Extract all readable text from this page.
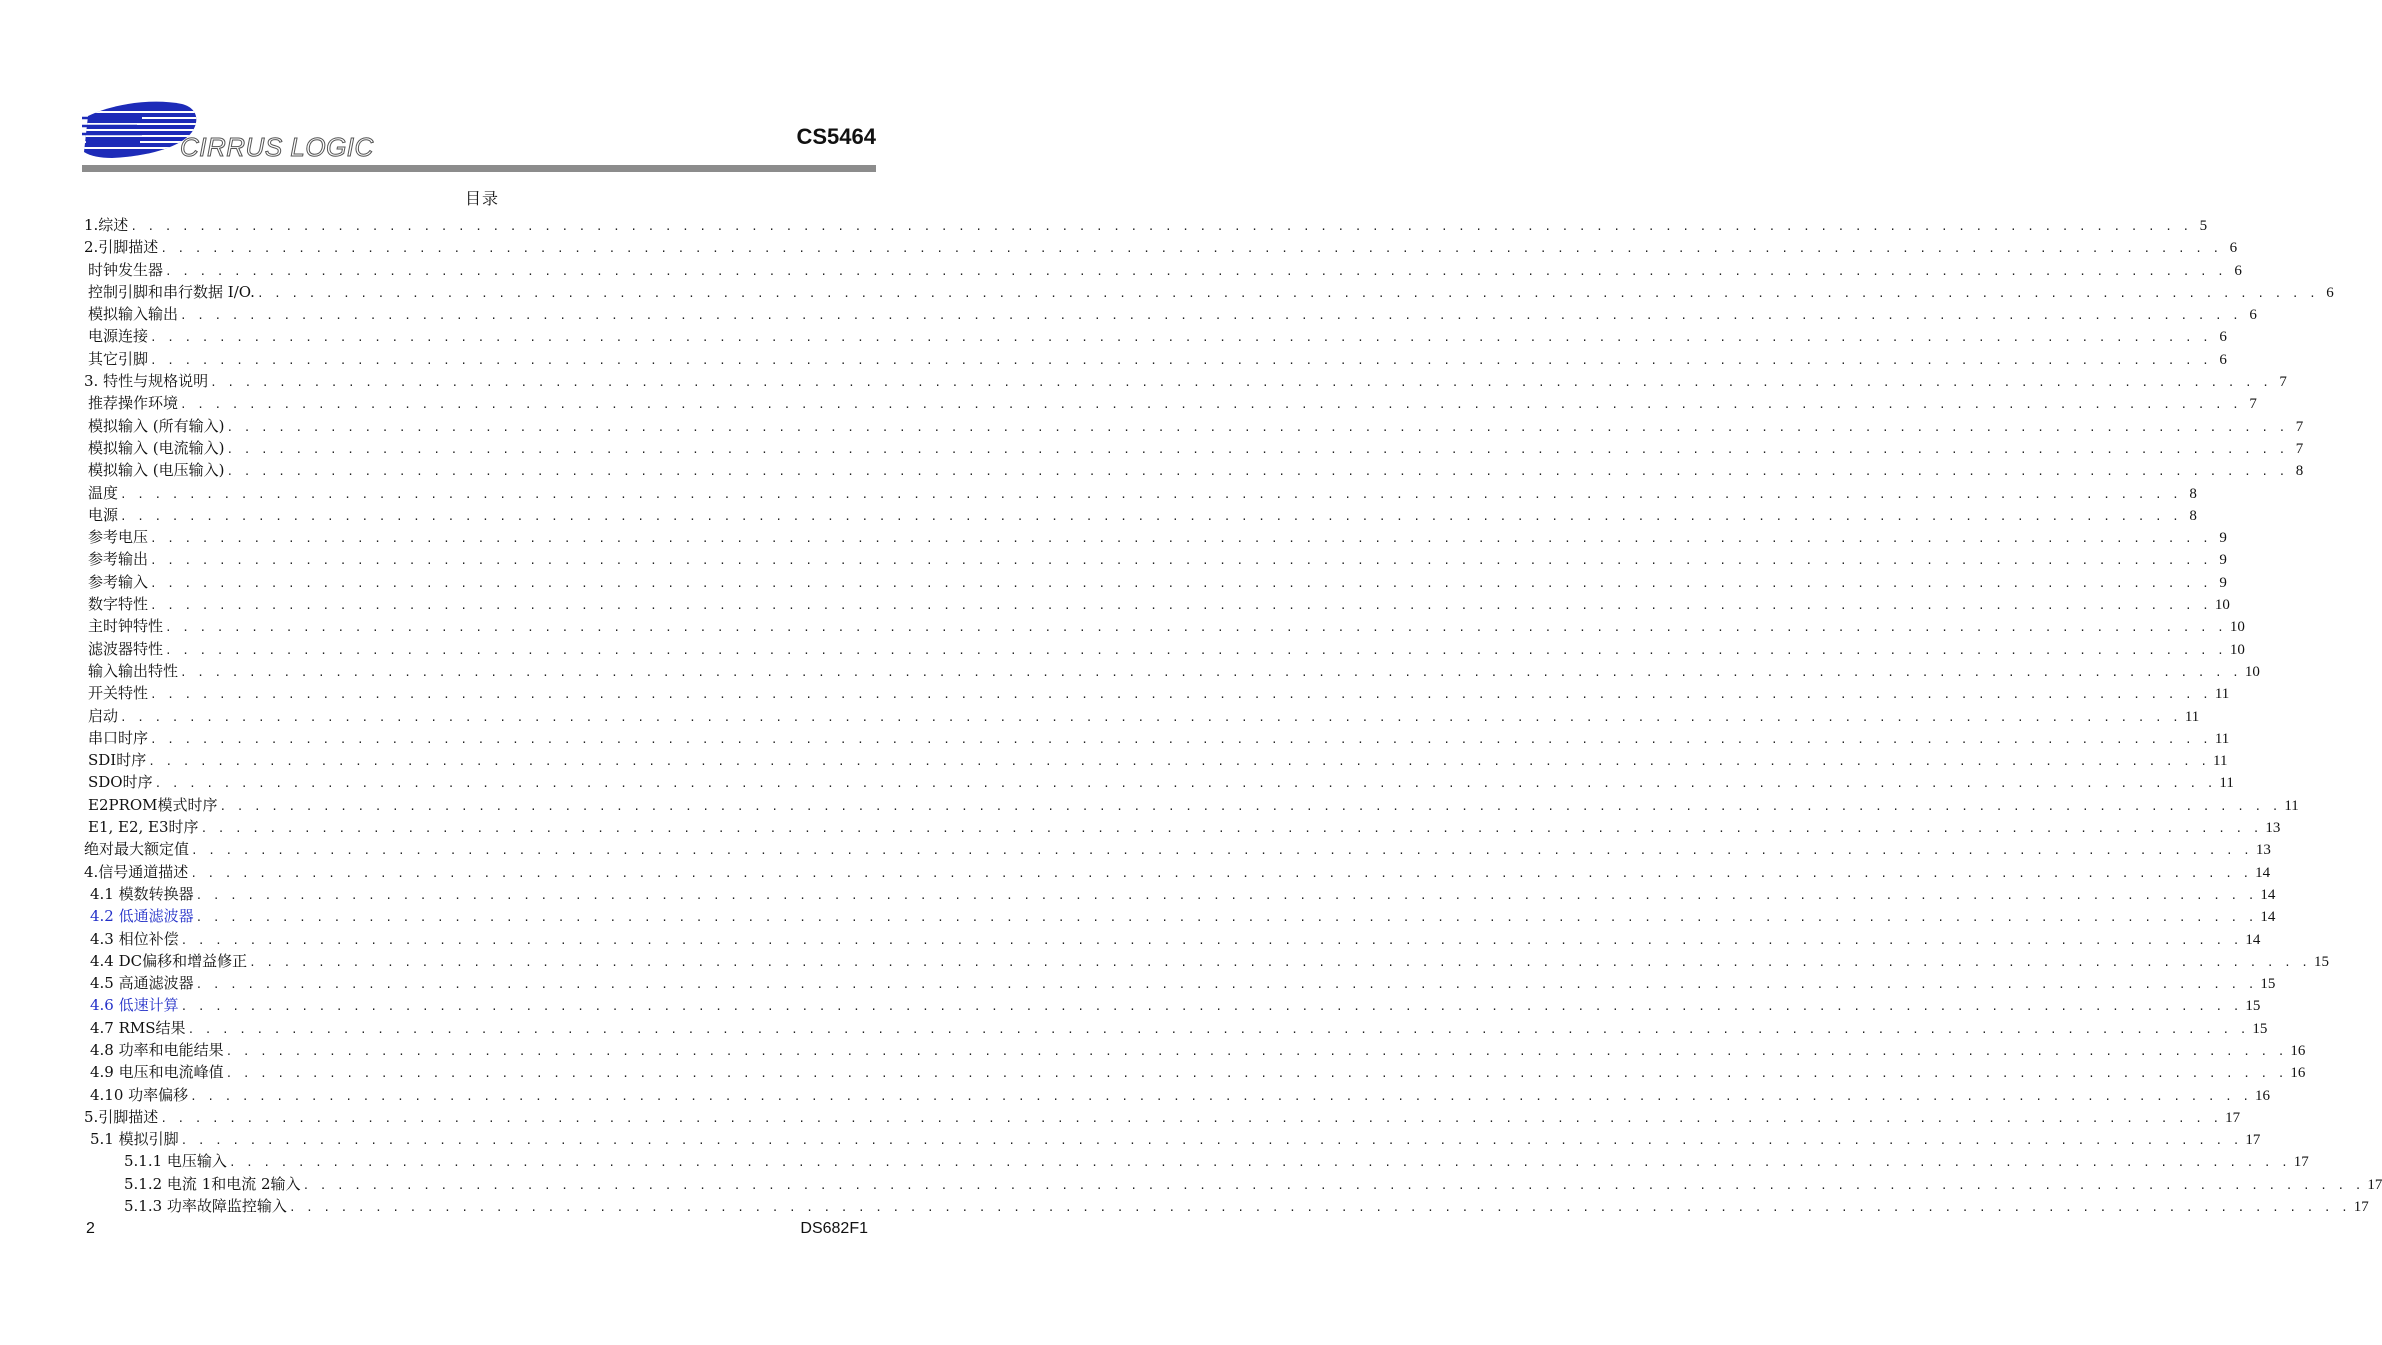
CIRRUS LOGIC	CS5464
目录
1.综述 . . . . . . . . . . . . . . . . . . . . . . . . . . . . . . . . . . . . . . . . . . . . . . . . . . . . . . . . . . . . . . . . . . . . . . . . . . . . . . . . . . . . . . . . . . . . . . . . . . . . . . . . . . . . . . . . . . . . . . . . 5
2.引脚描述 . . . . . . . . . . . . . . . . . . . . . . . . . . . . . . . . . . . . . . . . . . . . . . . . . . . . . . . . . . . . . . . . . . . . . . . . . . . . . . . . . . . . . . . . . . . . . . . . . . . . . . . . . . . . . . . . . . . . . . . . 6
时钟发生器 . . . . . . . . . . . . . . . . . . . . . . . . . . . . . . . . . . . . . . . . . . . . . . . . . . . . . . . . . . . . . . . . . . . . . . . . . . . . . . . . . . . . . . . . . . . . . . . . . . . . . . . . . . . . . . . . . . . . . . . . 6
控制引脚和串行数据 I/O. . . . . . . . . . . . . . . . . . . . . . . . . . . . . . . . . . . . . . . . . . . . . . . . . . . . . . . . . . . . . . . . . . . . . . . . . . . . . . . . . . . . . . . . . . . . . . . . . . . . . . . . . . . . . . . . . . . . . . . . . 6
模拟输入输出 . . . . . . . . . . . . . . . . . . . . . . . . . . . . . . . . . . . . . . . . . . . . . . . . . . . . . . . . . . . . . . . . . . . . . . . . . . . . . . . . . . . . . . . . . . . . . . . . . . . . . . . . . . . . . . . . . . . . . . . . 6
电源连接 . . . . . . . . . . . . . . . . . . . . . . . . . . . . . . . . . . . . . . . . . . . . . . . . . . . . . . . . . . . . . . . . . . . . . . . . . . . . . . . . . . . . . . . . . . . . . . . . . . . . . . . . . . . . . . . . . . . . . . . . 6
其它引脚 . . . . . . . . . . . . . . . . . . . . . . . . . . . . . . . . . . . . . . . . . . . . . . . . . . . . . . . . . . . . . . . . . . . . . . . . . . . . . . . . . . . . . . . . . . . . . . . . . . . . . . . . . . . . . . . . . . . . . . . . 6
3. 特性与规格说明 . . . . . . . . . . . . . . . . . . . . . . . . . . . . . . . . . . . . . . . . . . . . . . . . . . . . . . . . . . . . . . . . . . . . . . . . . . . . . . . . . . . . . . . . . . . . . . . . . . . . . . . . . . . . . . . . . . . . . . . . 7
推荐操作环境 . . . . . . . . . . . . . . . . . . . . . . . . . . . . . . . . . . . . . . . . . . . . . . . . . . . . . . . . . . . . . . . . . . . . . . . . . . . . . . . . . . . . . . . . . . . . . . . . . . . . . . . . . . . . . . . . . . . . . . . . 7
模拟输入 (所有输入) . . . . . . . . . . . . . . . . . . . . . . . . . . . . . . . . . . . . . . . . . . . . . . . . . . . . . . . . . . . . . . . . . . . . . . . . . . . . . . . . . . . . . . . . . . . . . . . . . . . . . . . . . . . . . . . . . . . . . . . . 7
模拟输入 (电流输入) . . . . . . . . . . . . . . . . . . . . . . . . . . . . . . . . . . . . . . . . . . . . . . . . . . . . . . . . . . . . . . . . . . . . . . . . . . . . . . . . . . . . . . . . . . . . . . . . . . . . . . . . . . . . . . . . . . . . . . . . 7
模拟输入 (电压输入) . . . . . . . . . . . . . . . . . . . . . . . . . . . . . . . . . . . . . . . . . . . . . . . . . . . . . . . . . . . . . . . . . . . . . . . . . . . . . . . . . . . . . . . . . . . . . . . . . . . . . . . . . . . . . . . . . . . . . . . . 8
温度 . . . . . . . . . . . . . . . . . . . . . . . . . . . . . . . . . . . . . . . . . . . . . . . . . . . . . . . . . . . . . . . . . . . . . . . . . . . . . . . . . . . . . . . . . . . . . . . . . . . . . . . . . . . . . . . . . . . . . . . . 8
电源 . . . . . . . . . . . . . . . . . . . . . . . . . . . . . . . . . . . . . . . . . . . . . . . . . . . . . . . . . . . . . . . . . . . . . . . . . . . . . . . . . . . . . . . . . . . . . . . . . . . . . . . . . . . . . . . . . . . . . . . . 8
参考电压 . . . . . . . . . . . . . . . . . . . . . . . . . . . . . . . . . . . . . . . . . . . . . . . . . . . . . . . . . . . . . . . . . . . . . . . . . . . . . . . . . . . . . . . . . . . . . . . . . . . . . . . . . . . . . . . . . . . . . . . . 9
参考输出 . . . . . . . . . . . . . . . . . . . . . . . . . . . . . . . . . . . . . . . . . . . . . . . . . . . . . . . . . . . . . . . . . . . . . . . . . . . . . . . . . . . . . . . . . . . . . . . . . . . . . . . . . . . . . . . . . . . . . . . . 9
参考输入 . . . . . . . . . . . . . . . . . . . . . . . . . . . . . . . . . . . . . . . . . . . . . . . . . . . . . . . . . . . . . . . . . . . . . . . . . . . . . . . . . . . . . . . . . . . . . . . . . . . . . . . . . . . . . . . . . . . . . . . . 9
数字特性 . . . . . . . . . . . . . . . . . . . . . . . . . . . . . . . . . . . . . . . . . . . . . . . . . . . . . . . . . . . . . . . . . . . . . . . . . . . . . . . . . . . . . . . . . . . . . . . . . . . . . . . . . . . . . . . . . . . . . . . . 10
主时钟特性 . . . . . . . . . . . . . . . . . . . . . . . . . . . . . . . . . . . . . . . . . . . . . . . . . . . . . . . . . . . . . . . . . . . . . . . . . . . . . . . . . . . . . . . . . . . . . . . . . . . . . . . . . . . . . . . . . . . . . . . . 10
滤波器特性 . . . . . . . . . . . . . . . . . . . . . . . . . . . . . . . . . . . . . . . . . . . . . . . . . . . . . . . . . . . . . . . . . . . . . . . . . . . . . . . . . . . . . . . . . . . . . . . . . . . . . . . . . . . . . . . . . . . . . . . . 10
输入输出特性 . . . . . . . . . . . . . . . . . . . . . . . . . . . . . . . . . . . . . . . . . . . . . . . . . . . . . . . . . . . . . . . . . . . . . . . . . . . . . . . . . . . . . . . . . . . . . . . . . . . . . . . . . . . . . . . . . . . . . . . . 10
开关特性 . . . . . . . . . . . . . . . . . . . . . . . . . . . . . . . . . . . . . . . . . . . . . . . . . . . . . . . . . . . . . . . . . . . . . . . . . . . . . . . . . . . . . . . . . . . . . . . . . . . . . . . . . . . . . . . . . . . . . . . . 11
启动 . . . . . . . . . . . . . . . . . . . . . . . . . . . . . . . . . . . . . . . . . . . . . . . . . . . . . . . . . . . . . . . . . . . . . . . . . . . . . . . . . . . . . . . . . . . . . . . . . . . . . . . . . . . . . . . . . . . . . . . . 11
串口时序 . . . . . . . . . . . . . . . . . . . . . . . . . . . . . . . . . . . . . . . . . . . . . . . . . . . . . . . . . . . . . . . . . . . . . . . . . . . . . . . . . . . . . . . . . . . . . . . . . . . . . . . . . . . . . . . . . . . . . . . . 11
SDI时序 . . . . . . . . . . . . . . . . . . . . . . . . . . . . . . . . . . . . . . . . . . . . . . . . . . . . . . . . . . . . . . . . . . . . . . . . . . . . . . . . . . . . . . . . . . . . . . . . . . . . . . . . . . . . . . . . . . . . . . . . 11
SDO时序 . . . . . . . . . . . . . . . . . . . . . . . . . . . . . . . . . . . . . . . . . . . . . . . . . . . . . . . . . . . . . . . . . . . . . . . . . . . . . . . . . . . . . . . . . . . . . . . . . . . . . . . . . . . . . . . . . . . . . . . . 11
E2PROM模式时序 . . . . . . . . . . . . . . . . . . . . . . . . . . . . . . . . . . . . . . . . . . . . . . . . . . . . . . . . . . . . . . . . . . . . . . . . . . . . . . . . . . . . . . . . . . . . . . . . . . . . . . . . . . . . . . . . . . . . . . . . 11
E1, E2, E3时序 . . . . . . . . . . . . . . . . . . . . . . . . . . . . . . . . . . . . . . . . . . . . . . . . . . . . . . . . . . . . . . . . . . . . . . . . . . . . . . . . . . . . . . . . . . . . . . . . . . . . . . . . . . . . . . . . . . . . . . . . 13
绝对最大额定值 . . . . . . . . . . . . . . . . . . . . . . . . . . . . . . . . . . . . . . . . . . . . . . . . . . . . . . . . . . . . . . . . . . . . . . . . . . . . . . . . . . . . . . . . . . . . . . . . . . . . . . . . . . . . . . . . . . . . . . . . 13
4.信号通道描述 . . . . . . . . . . . . . . . . . . . . . . . . . . . . . . . . . . . . . . . . . . . . . . . . . . . . . . . . . . . . . . . . . . . . . . . . . . . . . . . . . . . . . . . . . . . . . . . . . . . . . . . . . . . . . . . . . . . . . . . . 14
4.1 模数转换器 . . . . . . . . . . . . . . . . . . . . . . . . . . . . . . . . . . . . . . . . . . . . . . . . . . . . . . . . . . . . . . . . . . . . . . . . . . . . . . . . . . . . . . . . . . . . . . . . . . . . . . . . . . . . . . . . . . . . . . . . 14
4.2 低通滤波器 . . . . . . . . . . . . . . . . . . . . . . . . . . . . . . . . . . . . . . . . . . . . . . . . . . . . . . . . . . . . . . . . . . . . . . . . . . . . . . . . . . . . . . . . . . . . . . . . . . . . . . . . . . . . . . . . . . . . . . . . 14
4.3 相位补偿 . . . . . . . . . . . . . . . . . . . . . . . . . . . . . . . . . . . . . . . . . . . . . . . . . . . . . . . . . . . . . . . . . . . . . . . . . . . . . . . . . . . . . . . . . . . . . . . . . . . . . . . . . . . . . . . . . . . . . . . . 14
4.4 DC偏移和增益修正 . . . . . . . . . . . . . . . . . . . . . . . . . . . . . . . . . . . . . . . . . . . . . . . . . . . . . . . . . . . . . . . . . . . . . . . . . . . . . . . . . . . . . . . . . . . . . . . . . . . . . . . . . . . . . . . . . . . . . . . . 15
4.5 高通滤波器 . . . . . . . . . . . . . . . . . . . . . . . . . . . . . . . . . . . . . . . . . . . . . . . . . . . . . . . . . . . . . . . . . . . . . . . . . . . . . . . . . . . . . . . . . . . . . . . . . . . . . . . . . . . . . . . . . . . . . . . . 15
4.6 低速计算 . . . . . . . . . . . . . . . . . . . . . . . . . . . . . . . . . . . . . . . . . . . . . . . . . . . . . . . . . . . . . . . . . . . . . . . . . . . . . . . . . . . . . . . . . . . . . . . . . . . . . . . . . . . . . . . . . . . . . . . . 15
4.7 RMS结果 . . . . . . . . . . . . . . . . . . . . . . . . . . . . . . . . . . . . . . . . . . . . . . . . . . . . . . . . . . . . . . . . . . . . . . . . . . . . . . . . . . . . . . . . . . . . . . . . . . . . . . . . . . . . . . . . . . . . . . . . 15
4.8 功率和电能结果 . . . . . . . . . . . . . . . . . . . . . . . . . . . . . . . . . . . . . . . . . . . . . . . . . . . . . . . . . . . . . . . . . . . . . . . . . . . . . . . . . . . . . . . . . . . . . . . . . . . . . . . . . . . . . . . . . . . . . . . . 16
4.9 电压和电流峰值 . . . . . . . . . . . . . . . . . . . . . . . . . . . . . . . . . . . . . . . . . . . . . . . . . . . . . . . . . . . . . . . . . . . . . . . . . . . . . . . . . . . . . . . . . . . . . . . . . . . . . . . . . . . . . . . . . . . . . . . . 16
4.10 功率偏移 . . . . . . . . . . . . . . . . . . . . . . . . . . . . . . . . . . . . . . . . . . . . . . . . . . . . . . . . . . . . . . . . . . . . . . . . . . . . . . . . . . . . . . . . . . . . . . . . . . . . . . . . . . . . . . . . . . . . . . . . 16
5.引脚描述 . . . . . . . . . . . . . . . . . . . . . . . . . . . . . . . . . . . . . . . . . . . . . . . . . . . . . . . . . . . . . . . . . . . . . . . . . . . . . . . . . . . . . . . . . . . . . . . . . . . . . . . . . . . . . . . . . . . . . . . . 17
5.1 模拟引脚 . . . . . . . . . . . . . . . . . . . . . . . . . . . . . . . . . . . . . . . . . . . . . . . . . . . . . . . . . . . . . . . . . . . . . . . . . . . . . . . . . . . . . . . . . . . . . . . . . . . . . . . . . . . . . . . . . . . . . . . . 17
5.1.1 电压输入 . . . . . . . . . . . . . . . . . . . . . . . . . . . . . . . . . . . . . . . . . . . . . . . . . . . . . . . . . . . . . . . . . . . . . . . . . . . . . . . . . . . . . . . . . . . . . . . . . . . . . . . . . . . . . . . . . . . . . . . . 17
5.1.2 电流 1和电流 2输入 . . . . . . . . . . . . . . . . . . . . . . . . . . . . . . . . . . . . . . . . . . . . . . . . . . . . . . . . . . . . . . . . . . . . . . . . . . . . . . . . . . . . . . . . . . . . . . . . . . . . . . . . . . . . . . . . . . . . . . . . 17
5.1.3 功率故障监控输入 . . . . . . . . . . . . . . . . . . . . . . . . . . . . . . . . . . . . . . . . . . . . . . . . . . . . . . . . . . . . . . . . . . . . . . . . . . . . . . . . . . . . . . . . . . . . . . . . . . . . . . . . . . . . . . . . . . . . . . . . 17
2	DS682F1
